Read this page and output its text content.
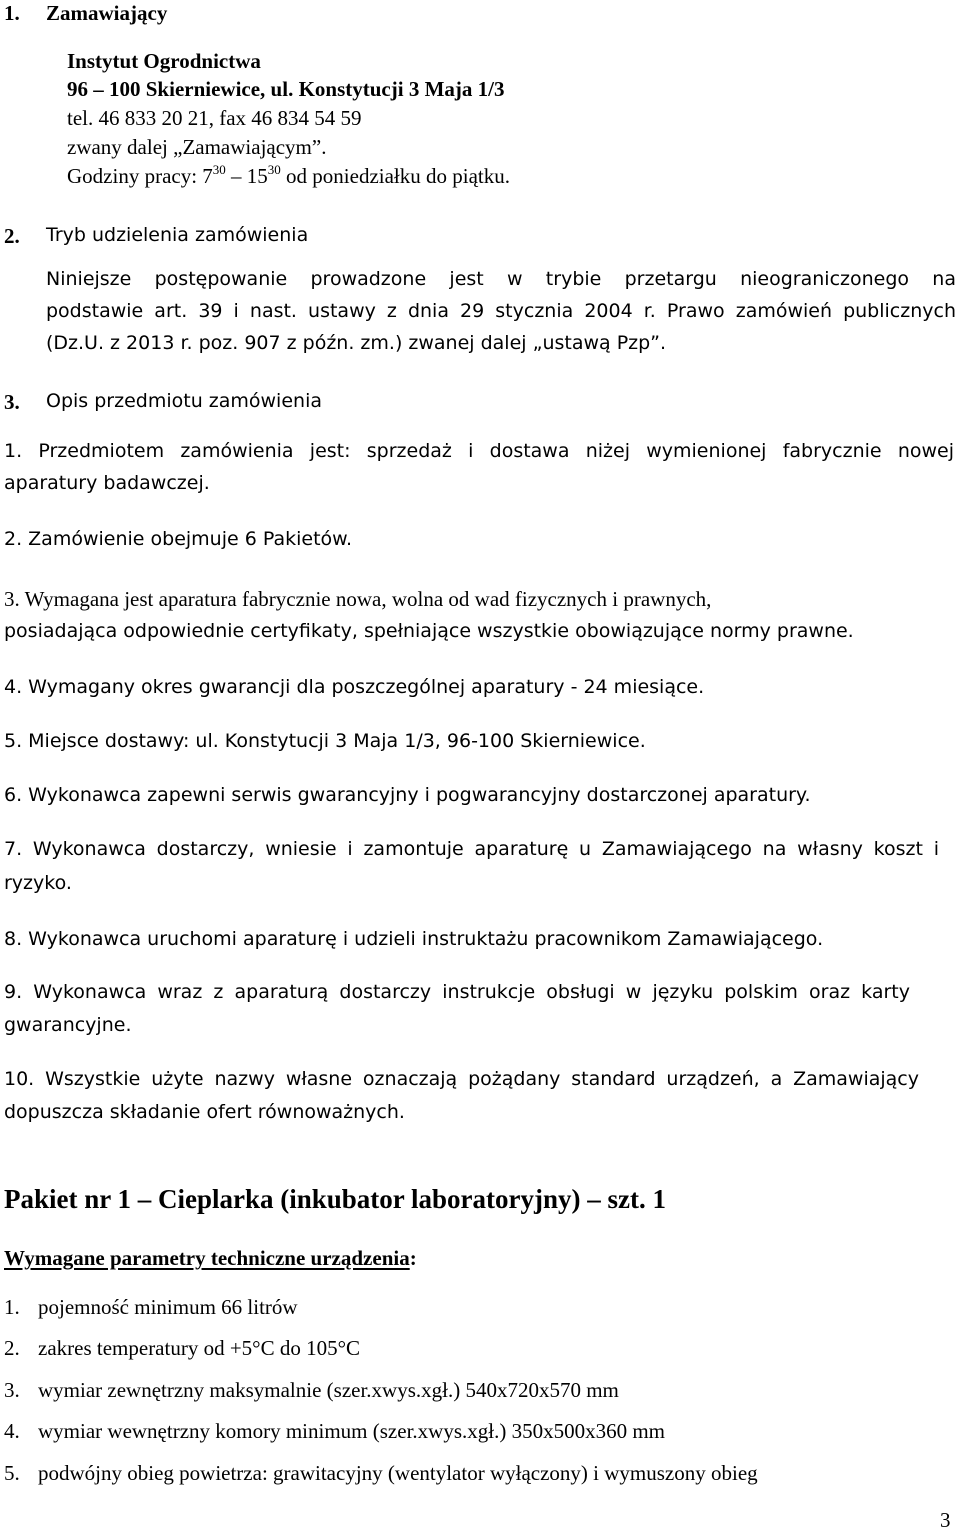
1. Zamawiający
Instytut Ogrodnictwa
96 – 100 Skierniewice, ul. Konstytucji 3 Maja 1/3
tel. 46 833 20 21, fax 46 834 54 59
zwany dalej „Zamawiającym”.
Godziny pracy: $7^{30} - 15^{30}$ od poniedziałku do piątku.
2. Tryb udzielenia zamówienia
Niniejsze postępowanie prowadzone jest w trybie przetargu nieograniczonego na
podstawie art. 39 i nast. ustawy z dnia 29 stycznia 2004 r. Prawo zamówień publicznych
(Dz.U. z 2013 r. poz. 907 z późn. zm.) zwanej dalej „ustawą Pzp”.
3. Opis przedmiotu zamówienia
1. Przedmiotem zamówienia jest: sprzedaż i dostawa niżej wymienionej fabrycznie nowej
aparatury badawczej.
2. Zamówienie obejmuje 6 Pakietów.
3. Wymagana jest aparatura fabrycznie nowa, wolna od wad fizycznych i prawnych,
posiadająca odpowiednie certyfikaty, spełniające wszystkie obowiązujące normy prawne.
4. Wymagany okres gwarancji dla poszczególnej aparatury - 24 miesiące.
5. Miejsce dostawy: ul. Konstytucji 3 Maja 1/3, 96-100 Skierniewice.
6. Wykonawca zapewni serwis gwarancyjny i pogwarancyjny dostarczonej aparatury.
7. Wykonawca dostarczy, wniesie i zamontuje aparaturę u Zamawiającego na własny koszt i
ryzyko.
8. Wykonawca uruchomi aparaturę i udzieli instruktażu pracownikom Zamawiającego.
9. Wykonawca wraz z aparaturą dostarczy instrukcje obsługi w języku polskim oraz karty
gwarancyjne.
10. Wszystkie użyte nazwy własne oznaczają pożądany standard urządzeń, a Zamawiający
dopuszcza składanie ofert równoważnych.
Pakiet nr 1 – Cieplarka (inkubator laboratoryjny) – szt. 1
Wymagane parametry techniczne urządzenia:
1. pojemność minimum 66 litrów
2. zakres temperatury od +5°C do 105°C
3. wymiar zewnętrzny maksymalnie (szer.xwys.xgł.) 540x720x570 mm
4. wymiar wewnętrzny komory minimum (szer.xwys.xgł.) 350x500x360 mm
5. podwójny obieg powietrza: grawitacyjny (wentylator wyłączony) i wymuszony obieg
3
